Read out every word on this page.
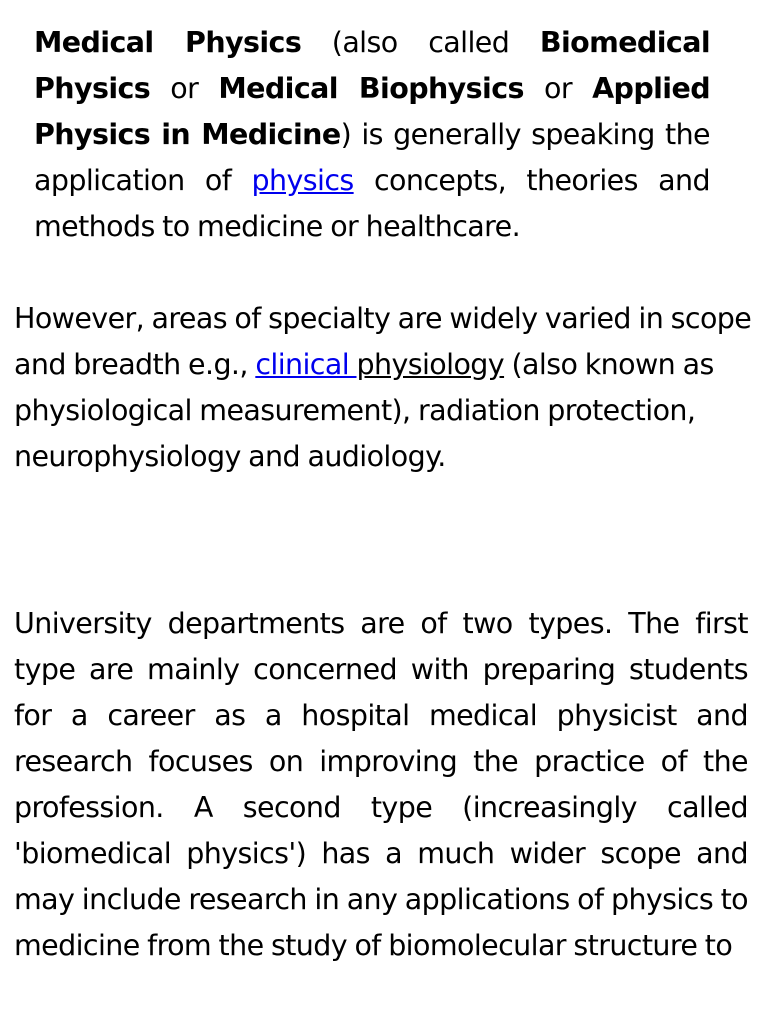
Medical Physics (also called Biomedical Physics or Medical Biophysics or Applied Physics in Medicine) is generally speaking the application of physics concepts, theories and methods to medicine or healthcare.

However, areas of specialty are widely varied in scope and breadth e.g., clinical physiology (also known as physiological measurement), radiation protection, neurophysiology and audiology.

University departments are of two types. The first type are mainly concerned with preparing students for a career as a hospital medical physicist and research focuses on improving the practice of the profession. A second type (increasingly called 'biomedical physics') has a much wider scope and may include research in any applications of physics to medicine from the study of biomolecular structure to
